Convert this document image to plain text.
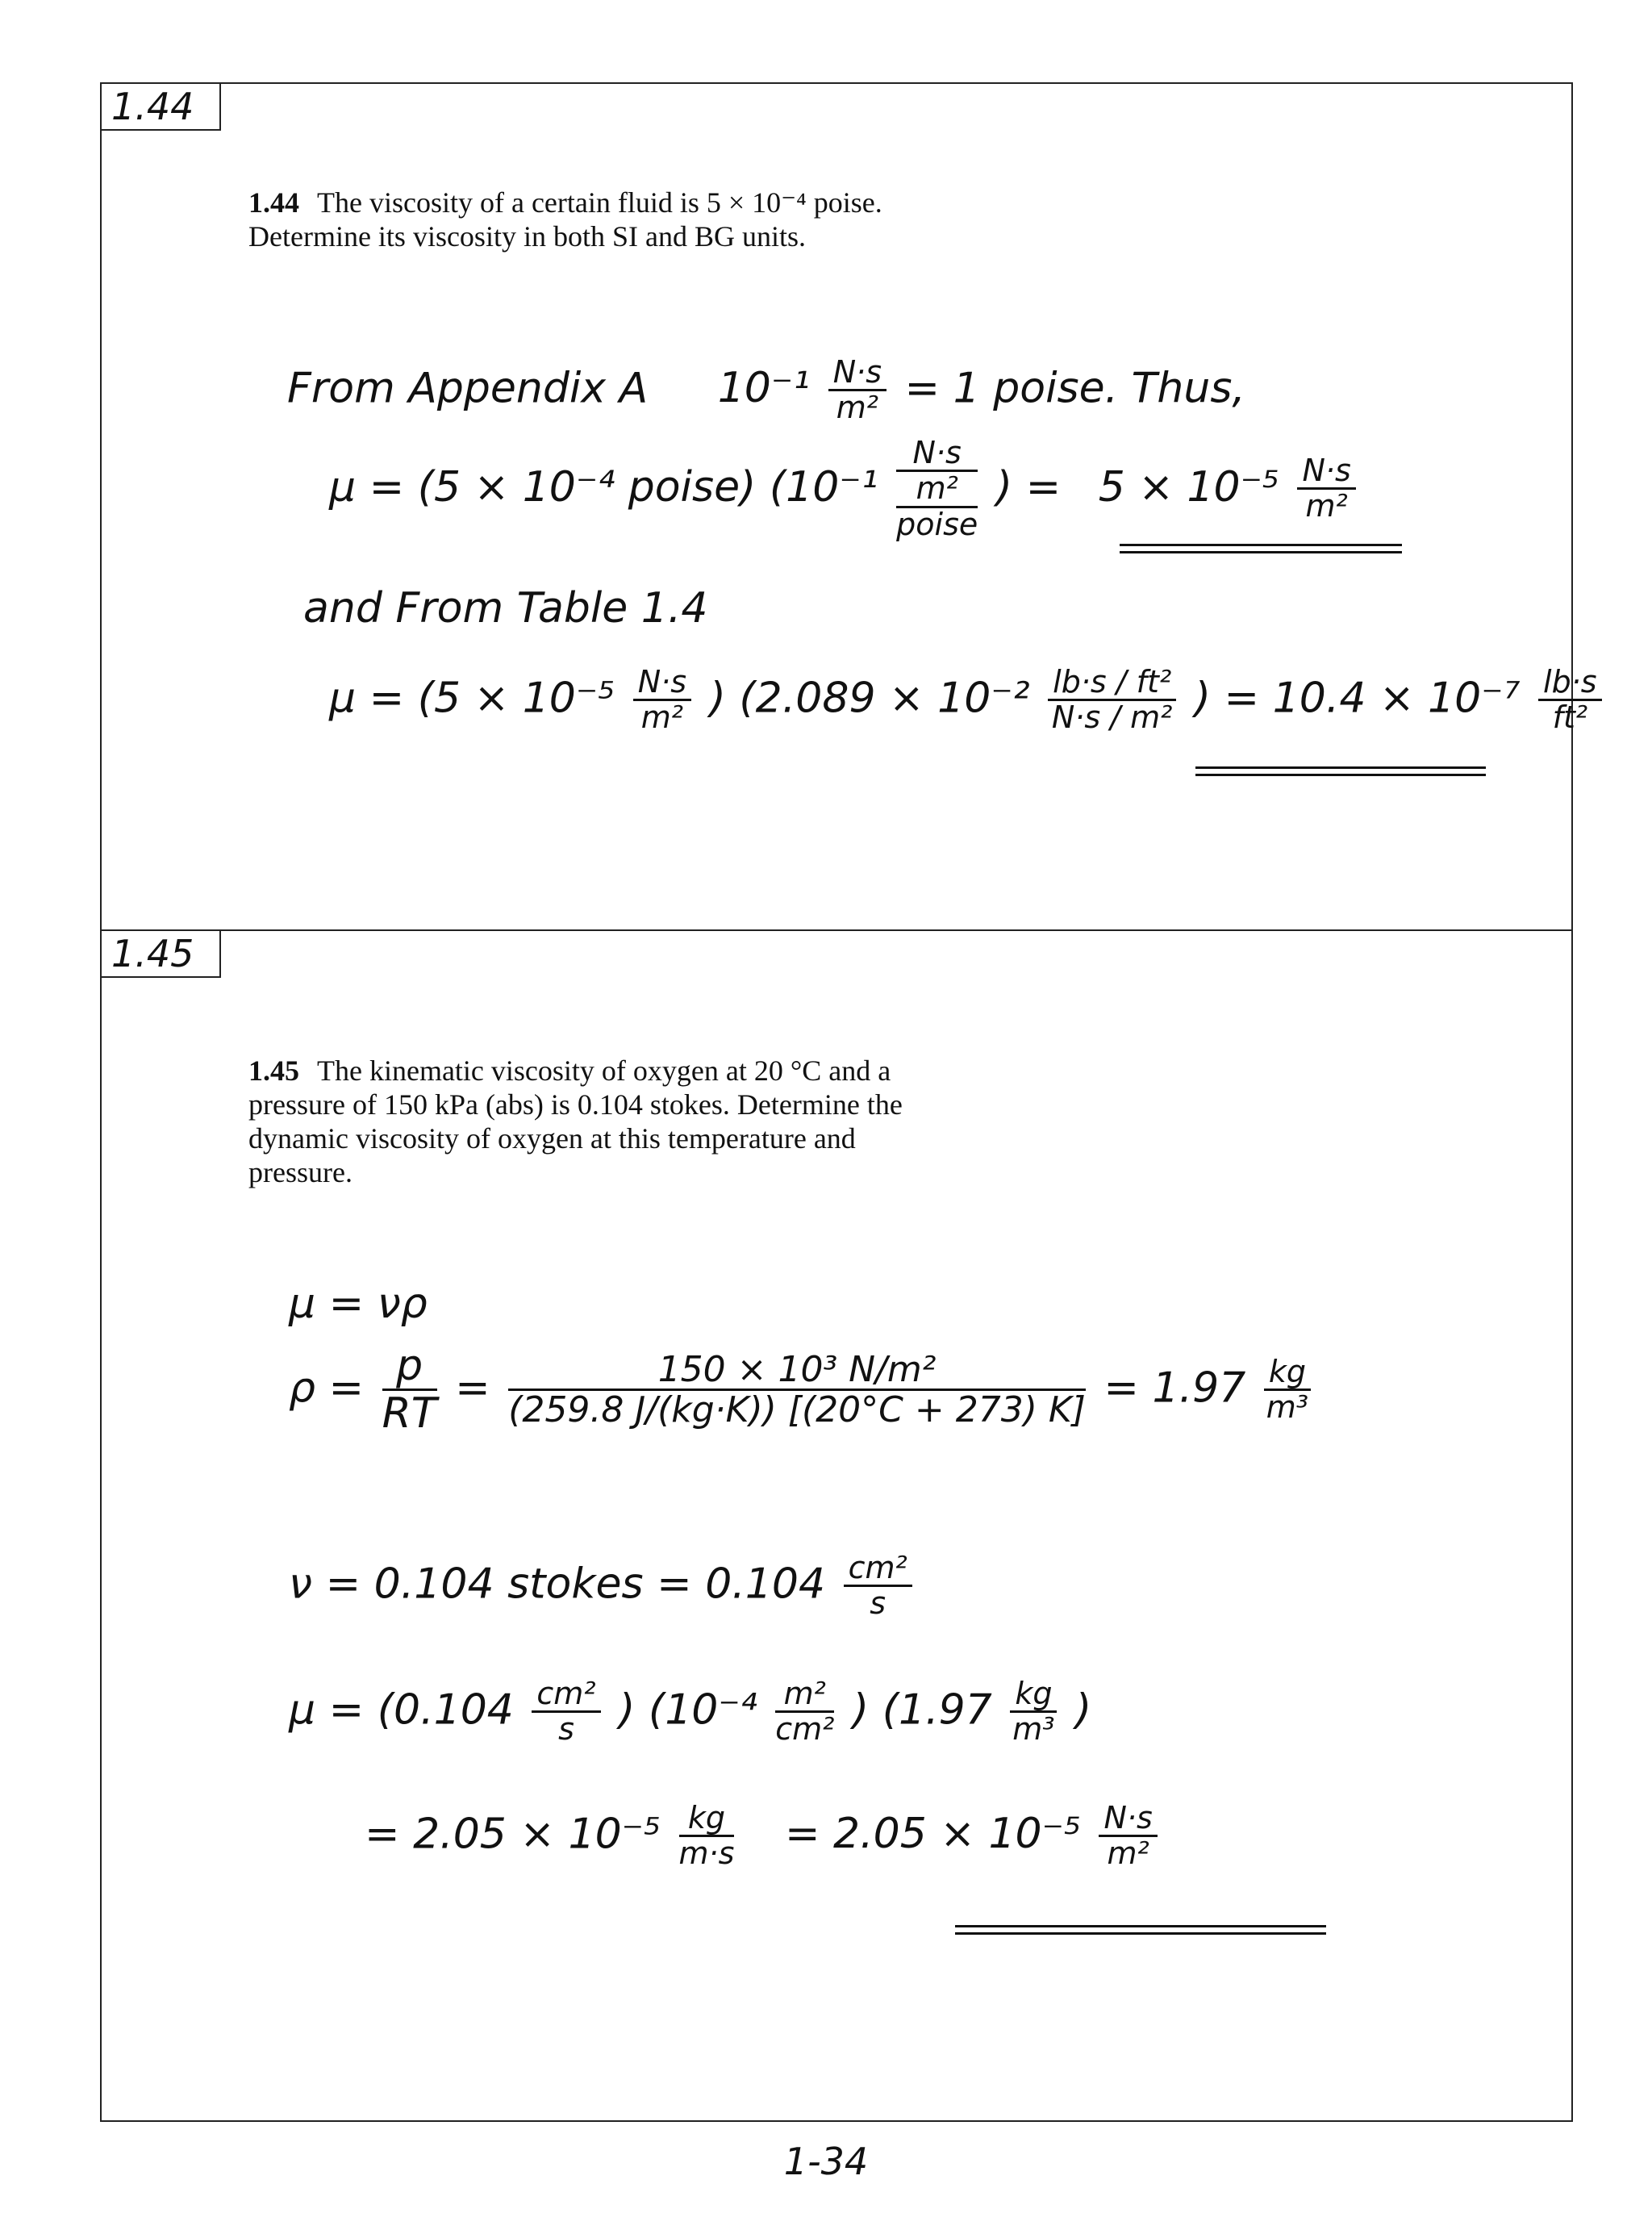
1.44
1.44 The viscosity of a certain fluid is 5 × 10⁻⁴ poise. Determine its viscosity in both SI and BG units.
From Appendix A $10^{-1} \frac{N\cdot s}{\text{m²}} = 1$ poise. Thus,
μ = (5 × 10⁻⁴ poise) (10⁻¹
N·s
m²
poise
) = $5 \times 10^{-5} \frac{N\cdot s}{\text{m²}}$
and From Table 1.4
$\mu = (5 \times 10^{-5} \frac{N\cdot s}{\text{m²}}$ ) ($2.089 \times 10^{-2} \frac{\text{lb·s / ft²}}{\text{N·s / m²}}$ ) = $10.4 \times 10^{-7} \frac{lb\cdot s}{\text{ft²}}$
1.45
1.45 The kinematic viscosity of oxygen at 20 °C and a pressure of 150 kPa (abs) is 0.104 stokes. Determine the dynamic viscosity of oxygen at this temperature and pressure.
μ = νρ
$\rho = \frac{p}{RT} = \frac{\text{150 × 10³ N/m²}}{(259.8 J/(kg\cdot K)) [(20^\circ C + 273) K]} = 1.97 \frac{kg}{\text{m³}}$
ν = 0.104 stokes = $0.104 \frac{\text{cm²}}{s}$
$\mu = (0.104 \frac{\text{cm²}}{s}$ ) ($10^{-4} \frac{\text{m²}}{\text{cm²}}$ ) ($1.97 \frac{kg}{\text{m³}}$ )
= $2.05 \times 10^{-5} \frac{kg}{m\cdot s} = 2.05 \times 10^{-5} \frac{N\cdot s}{\text{m²}}$
1-34
